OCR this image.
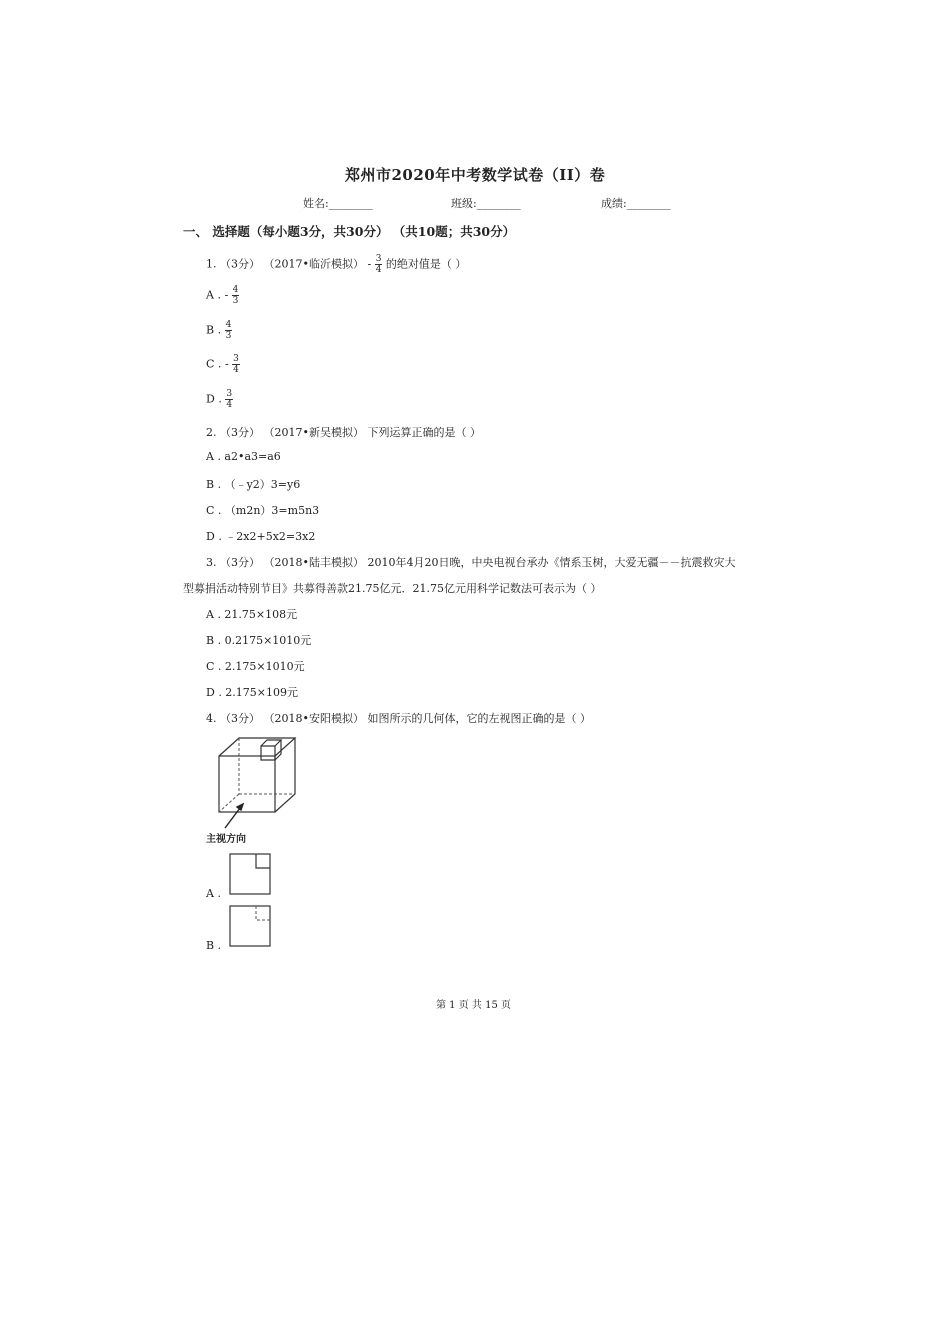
郑州市2020年中考数学试卷（II）卷
姓名:________	班级:________	成绩:________
一、 选择题（每小题3分，共30分） （共10题；共30分）
1. （3分） （2017•临沂模拟） - $\frac{3}{4}$ 的绝对值是（ ）
A . - $\frac{4}{3}$
B . $\frac{4}{3}$
C . - $\frac{3}{4}$
D . $\frac{3}{4}$
2. （3分） （2017•新吴模拟） 下列运算正确的是（ ）
A . a2•a3=a6
B . （﹣y2）3=y6
C . （m2n）3=m5n3
D . ﹣2x2+5x2=3x2
3. （3分） （2018•陆丰模拟） 2010年4月20日晚，中央电视台承办《情系玉树，大爱无疆－－抗震救灾大
型募捐活动特别节目》共募得善款21.75亿元．21.75亿元用科学记数法可表示为（ ）
A . 21.75×108元
B . 0.2175×1010元
C . 2.175×1010元
D . 2.175×109元
4. （3分） （2018•安阳模拟） 如图所示的几何体，它的左视图正确的是（ ）
主视方向
A .
B .
第 1 页 共 15 页
